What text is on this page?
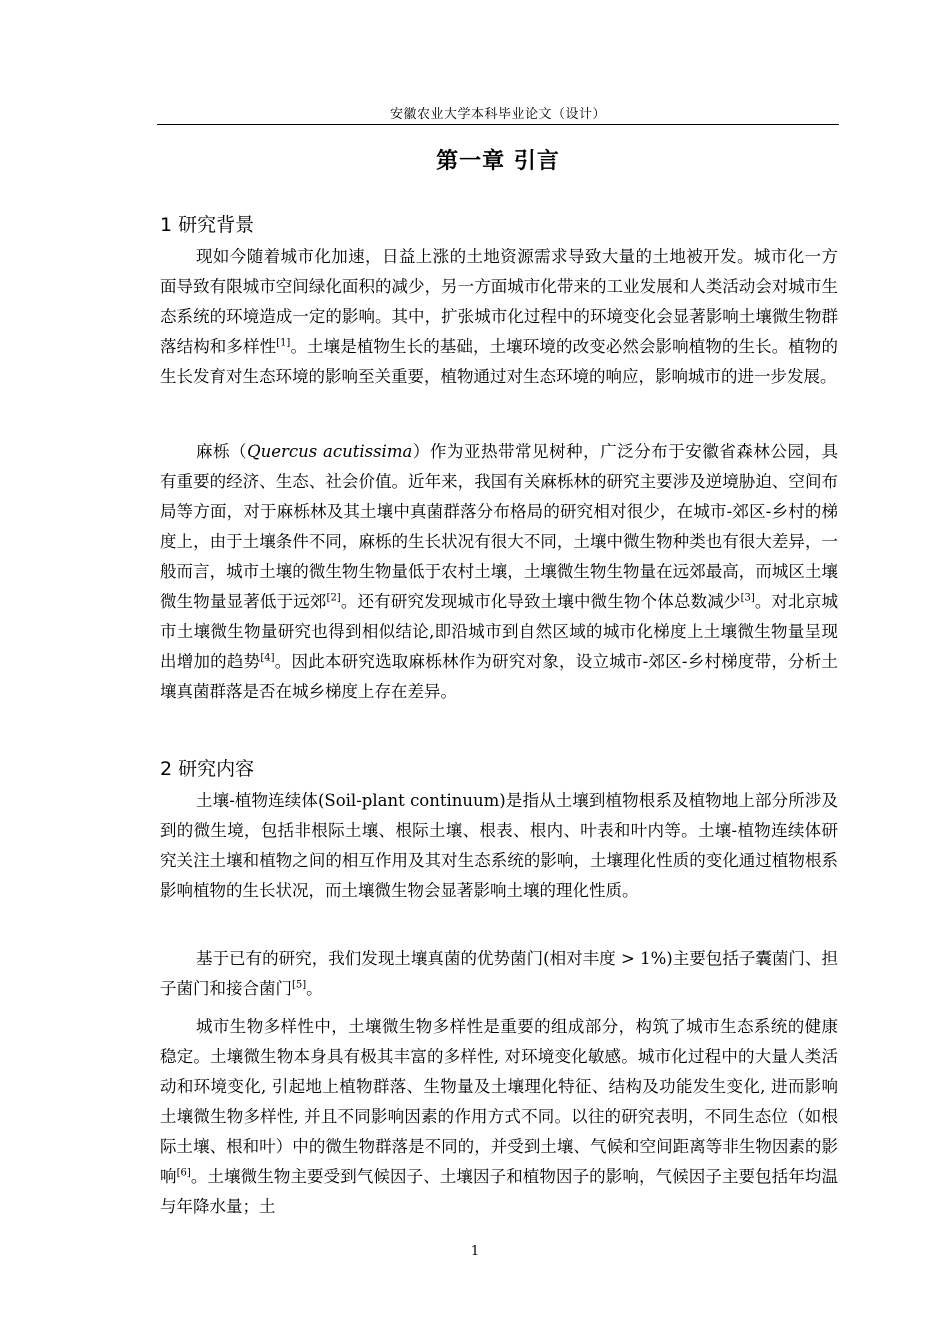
安徽农业大学本科毕业论文（设计）
第一章 引言
1 研究背景

现如今随着城市化加速，日益上涨的土地资源需求导致大量的土地被开发。城市化一方面导致有限城市空间绿化面积的减少，另一方面城市化带来的工业发展和人类活动会对城市生态系统的环境造成一定的影响。其中，扩张城市化过程中的环境变化会显著影响土壤微生物群落结构和多样性[1]。土壤是植物生长的基础，土壤环境的改变必然会影响植物的生长。植物的生长发育对生态环境的影响至关重要，植物通过对生态环境的响应，影响城市的进一步发展。

麻栎（Quercus acutissima）作为亚热带常见树种，广泛分布于安徽省森林公园，具有重要的经济、生态、社会价值。近年来，我国有关麻栎林的研究主要涉及逆境胁迫、空间布局等方面，对于麻栎林及其土壤中真菌群落分布格局的研究相对很少，在城市-郊区-乡村的梯度上，由于土壤条件不同，麻栎的生长状况有很大不同，土壤中微生物种类也有很大差异，一般而言，城市土壤的微生物生物量低于农村土壤，土壤微生物生物量在远郊最高，而城区土壤微生物量显著低于远郊[2]。还有研究发现城市化导致土壤中微生物个体总数减少[3]。对北京城市土壤微生物量研究也得到相似结论,即沿城市到自然区域的城市化梯度上土壤微生物量呈现出增加的趋势[4]。因此本研究选取麻栎林作为研究对象，设立城市-郊区-乡村梯度带，分析土壤真菌群落是否在城乡梯度上存在差异。

2 研究内容

土壤-植物连续体(Soil-plant continuum)是指从土壤到植物根系及植物地上部分所涉及到的微生境，包括非根际土壤、根际土壤、根表、根内、叶表和叶内等。土壤-植物连续体研究关注土壤和植物之间的相互作用及其对生态系统的影响，土壤理化性质的变化通过植物根系影响植物的生长状况，而土壤微生物会显著影响土壤的理化性质。

基于已有的研究，我们发现土壤真菌的优势菌门(相对丰度 > 1%)主要包括子囊菌门、担子菌门和接合菌门[5]。

城市生物多样性中，土壤微生物多样性是重要的组成部分，构筑了城市生态系统的健康稳定。土壤微生物本身具有极其丰富的多样性, 对环境变化敏感。城市化过程中的大量人类活动和环境变化, 引起地上植物群落、生物量及土壤理化特征、结构及功能发生变化, 进而影响土壤微生物多样性, 并且不同影响因素的作用方式不同。以往的研究表明，不同生态位（如根际土壤、根和叶）中的微生物群落是不同的，并受到土壤、气候和空间距离等非生物因素的影响[6]。土壤微生物主要受到气候因子、土壤因子和植物因子的影响，气候因子主要包括年均温与年降水量；土

1
